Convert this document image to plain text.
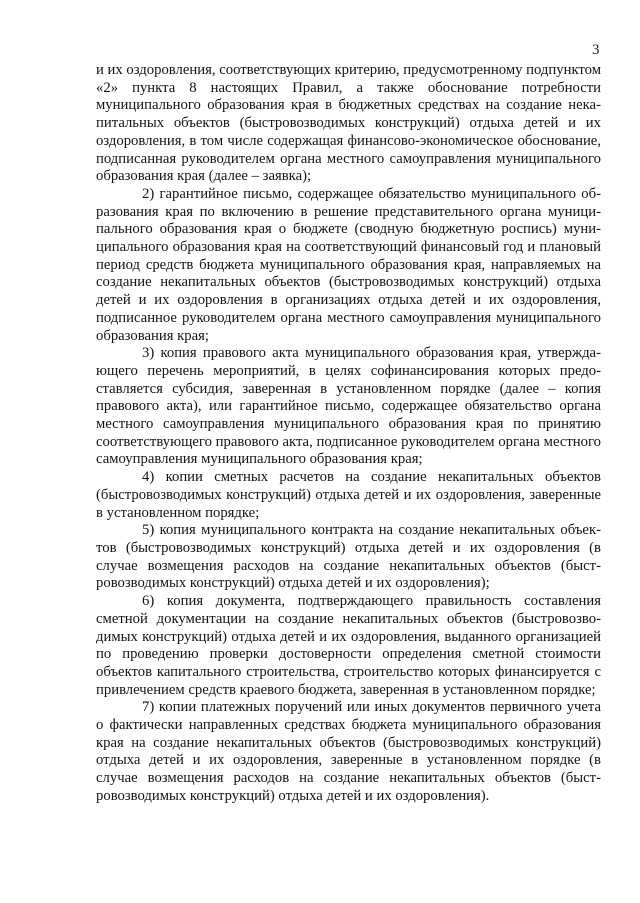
3

и их оздоровления, соответствующих критерию, предусмотренному подпунктом «2» пункта 8 настоящих Правил, а также обоснование потребности муниципального образования края в бюджетных средствах на создание некапитальных объектов (быстровозводимых конструкций) отдыха детей и их оздоровления, в том числе содержащая финансово-экономическое обоснование, подписанная руководителем органа местного самоуправления муниципального образования края (далее – заявка);

2) гарантийное письмо, содержащее обязательство муниципального образования края по включению в решение представительного органа муниципального образования края о бюджете (сводную бюджетную роспись) муниципального образования края на соответствующий финансовый год и плановый период средств бюджета муниципального образования края, направляемых на создание некапитальных объектов (быстровозводимых конструкций) отдыха детей и их оздоровления в организациях отдыха детей и их оздоровления, подписанное руководителем органа местного самоуправления муниципального образования края;

3) копия правового акта муниципального образования края, утверждающего перечень мероприятий, в целях софинансирования которых предоставляется субсидия, заверенная в установленном порядке (далее – копия правового акта), или гарантийное письмо, содержащее обязательство органа местного самоуправления муниципального образования края по принятию соответствующего правового акта, подписанное руководителем органа местного самоуправления муниципального образования края;

4) копии сметных расчетов на создание некапитальных объектов (быстровозводимых конструкций) отдыха детей и их оздоровления, заверенные в установленном порядке;

5) копия муниципального контракта на создание некапитальных объектов (быстровозводимых конструкций) отдыха детей и их оздоровления (в случае возмещения расходов на создание некапитальных объектов (быстровозводимых конструкций) отдыха детей и их оздоровления);

6) копия документа, подтверждающего правильность составления сметной документации на создание некапитальных объектов (быстровозводимых конструкций) отдыха детей и их оздоровления, выданного организацией по проведению проверки достоверности определения сметной стоимости объектов капитального строительства, строительство которых финансируется с привлечением средств краевого бюджета, заверенная в установленном порядке;

7) копии платежных поручений или иных документов первичного учета о фактически направленных средствах бюджета муниципального образования края на создание некапитальных объектов (быстровозводимых конструкций) отдыха детей и их оздоровления, заверенные в установленном порядке (в случае возмещения расходов на создание некапитальных объектов (быстровозводимых конструкций) отдыха детей и их оздоровления).
